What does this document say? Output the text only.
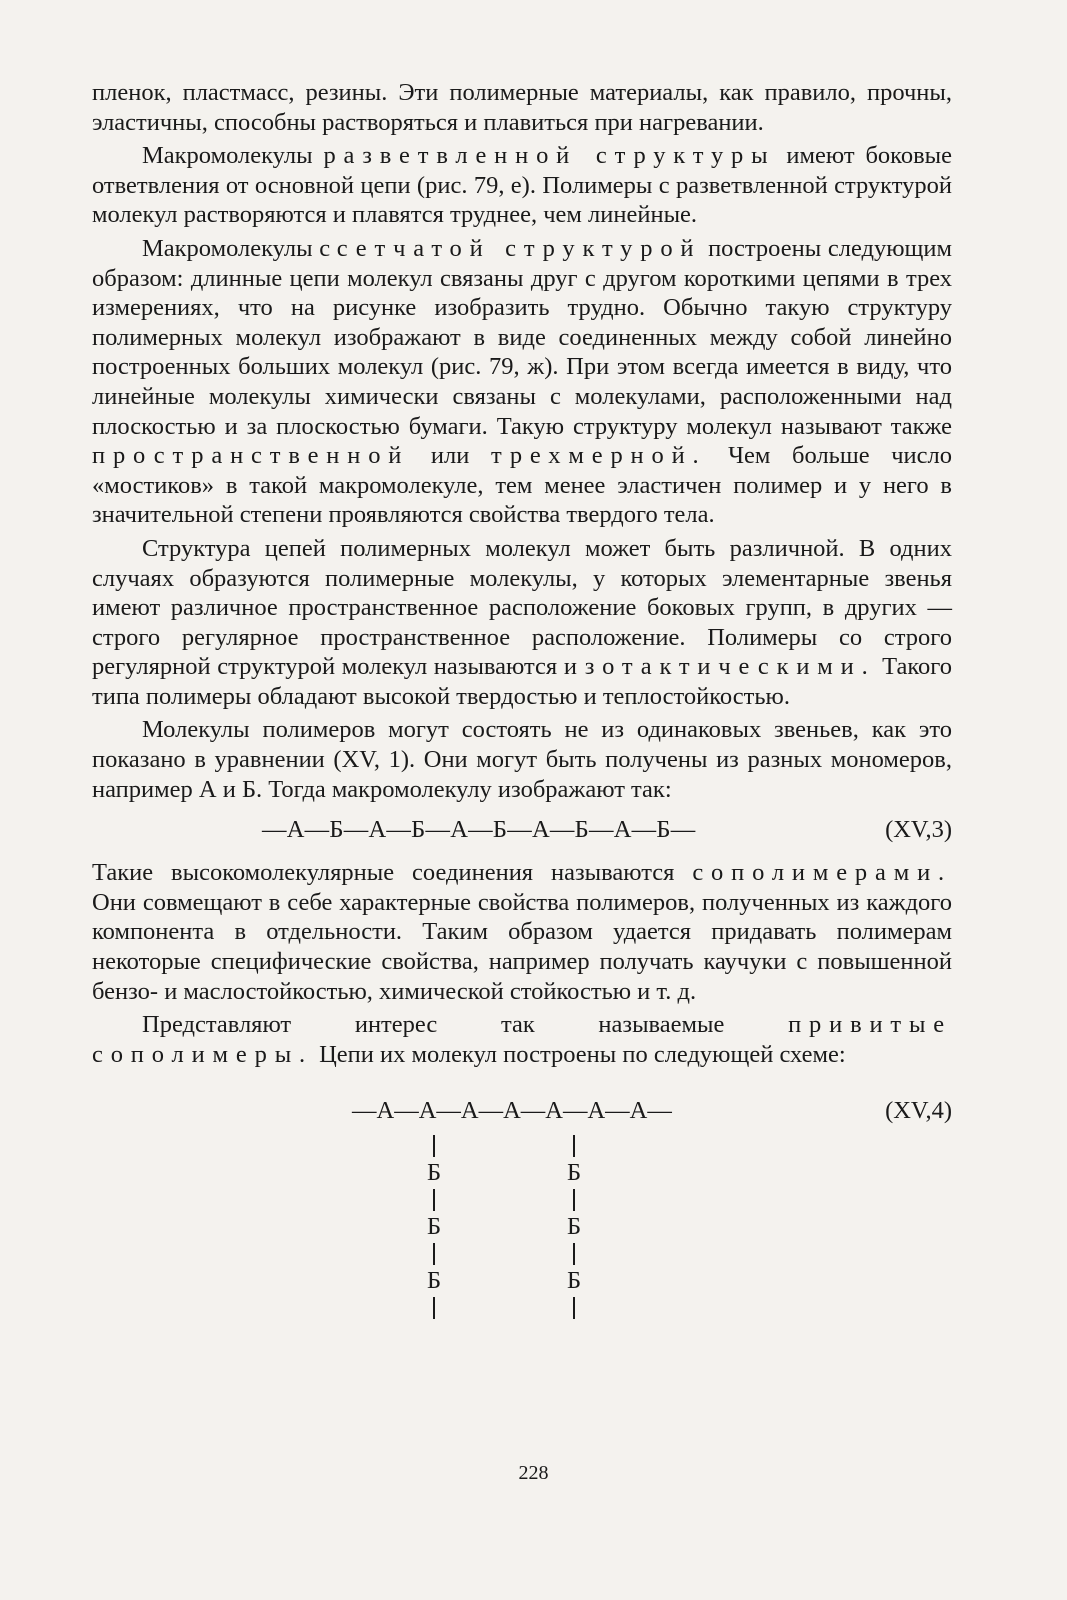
пленок, пластмасс, резины. Эти полимерные материалы, как правило, прочны, эластичны, способны растворяться и плавиться при нагревании.

Макромолекулы разветвленной структуры имеют боковые ответвления от основной цепи (рис. 79, е). Полимеры с разветвленной структурой молекул растворяются и плавятся труднее, чем линейные.

Макромолекулы с сетчатой структурой построены следующим образом: длинные цепи молекул связаны друг с другом короткими цепями в трех измерениях, что на рисунке изобразить трудно. Обычно такую структуру полимерных молекул изображают в виде соединенных между собой линейно построенных больших молекул (рис. 79, ж). При этом всегда имеется в виду, что линейные молекулы химически связаны с молекулами, расположенными над плоскостью и за плоскостью бумаги. Такую структуру молекул называют также пространственной или трехмерной. Чем больше число «мостиков» в такой макромолекуле, тем менее эластичен полимер и у него в значительной степени проявляются свойства твердого тела.

Структура цепей полимерных молекул может быть различной. В одних случаях образуются полимерные молекулы, у которых элементарные звенья имеют различное пространственное расположение боковых групп, в других — строго регулярное пространственное расположение. Полимеры со строго регулярной структурой молекул называются изотактическими. Такого типа полимеры обладают высокой твердостью и теплостойкостью.

Молекулы полимеров могут состоять не из одинаковых звеньев, как это показано в уравнении (XV, 1). Они могут быть получены из разных мономеров, например А и Б. Тогда макромолекулу изображают так:

—А—Б—А—Б—А—Б—А—Б—А—Б—	(XV,3)

Такие высокомолекулярные соединения называются сополимерами. Они совмещают в себе характерные свойства полимеров, полученных из каждого компонента в отдельности. Таким образом удается придавать полимерам некоторые специфические свойства, например получать каучуки с повышенной бензо- и маслостойкостью, химической стойкостью и т. д.

Представляют интерес так называемые привитые сополимеры. Цепи их молекул построены по следующей схеме:

—А—А—А—А—А—А—А—	(XV,4)
Б
Б
Б
Б
Б
Б
228
